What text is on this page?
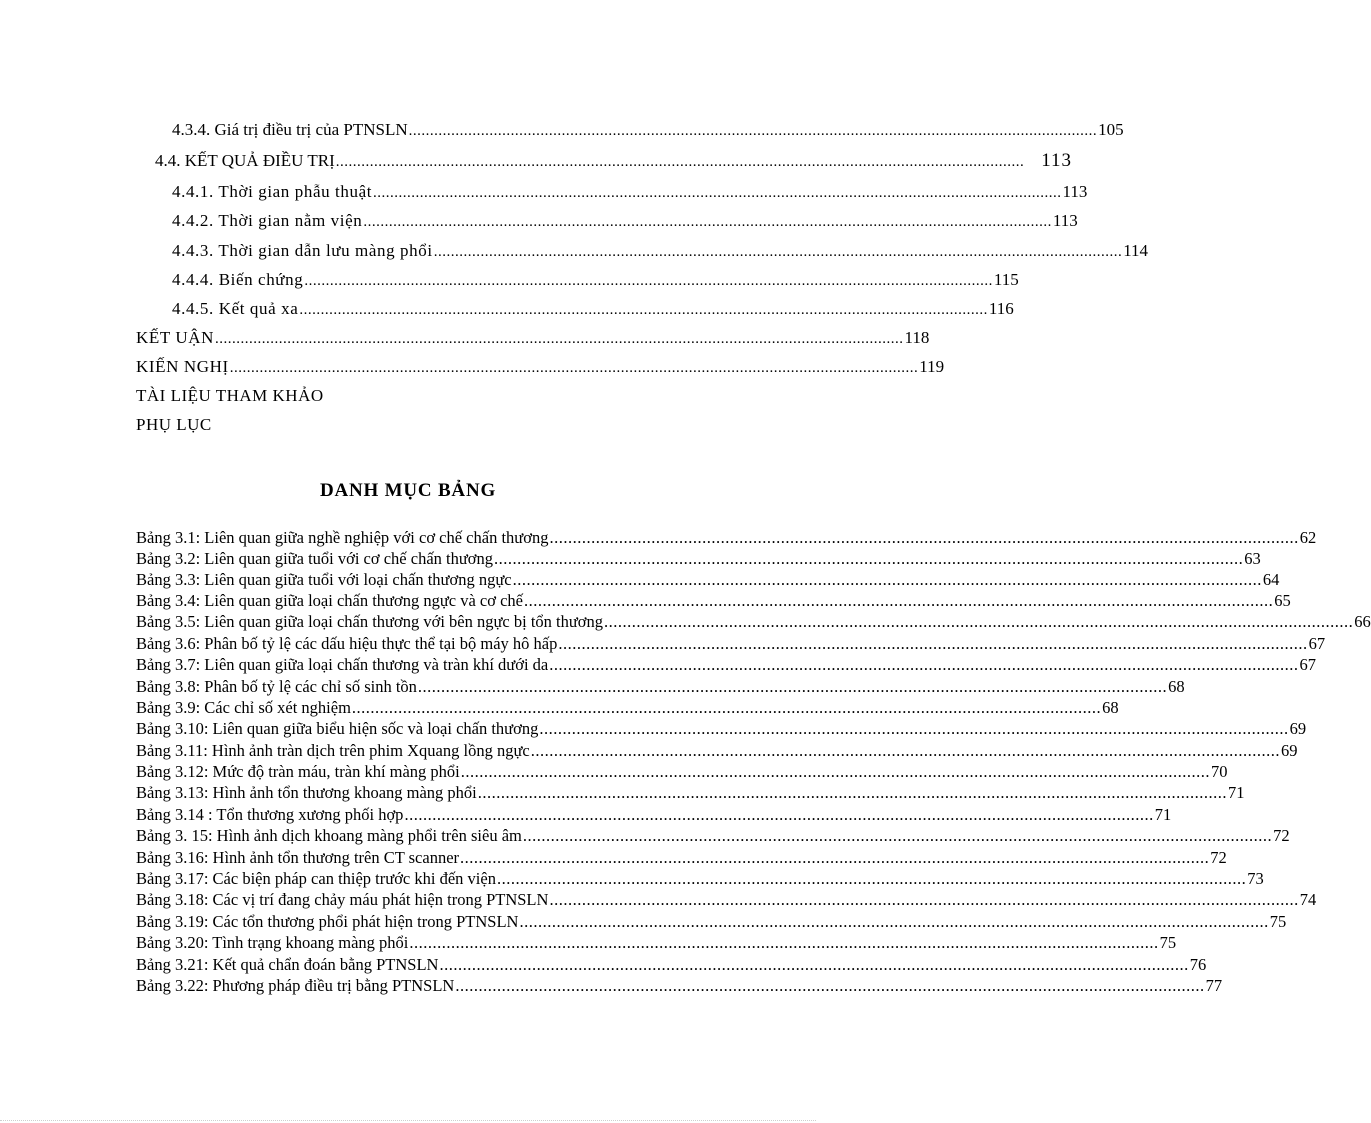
4.3.4. Giá trị điều trị của PTNSLN .................................................................................................................................................................. 105
4.4. KẾT QUẢ ĐIỀU TRỊ .................................................................................................................................................................. 113
4.4.1. Thời gian phẫu thuật .................................................................................................................................................................. 113
4.4.2. Thời gian nằm viện .................................................................................................................................................................. 113
4.4.3. Thời gian dẫn lưu màng phổi .................................................................................................................................................................. 114
4.4.4. Biến chứng .................................................................................................................................................................. 115
4.4.5. Kết quả xa .................................................................................................................................................................. 116
KẾT UẬN .................................................................................................................................................................. 118
KIẾN NGHỊ .................................................................................................................................................................. 119
TÀI LIỆU THAM KHẢO
PHỤ LỤC
DANH MỤC BẢNG
Bảng 3.1: Liên quan giữa nghề nghiệp với cơ chế chấn thương .................................................................................................................................................................. 62
Bảng 3.2: Liên quan giữa tuổi với cơ chế chấn thương .................................................................................................................................................................. 63
Bảng 3.3: Liên quan giữa tuổi với loại chấn thương ngực .................................................................................................................................................................. 64
Bảng 3.4: Liên quan giữa loại chấn thương ngực và cơ chế .................................................................................................................................................................. 65
Bảng 3.5: Liên quan giữa loại chấn thương với bên ngực bị tổn thương .................................................................................................................................................................. 66
Bảng 3.6: Phân bố tỷ lệ các dấu hiệu thực thể tại bộ máy hô hấp .................................................................................................................................................................. 67
Bảng 3.7: Liên quan giữa loại chấn thương và tràn khí dưới da .................................................................................................................................................................. 67
Bảng 3.8: Phân bố tỷ lệ các chỉ số sinh tồn .................................................................................................................................................................. 68
Bảng 3.9: Các chỉ số xét nghiệm .................................................................................................................................................................. 68
Bảng 3.10: Liên quan giữa biểu hiện sốc và loại chấn thương .................................................................................................................................................................. 69
Bảng 3.11: Hình ảnh tràn dịch trên phim Xquang lồng ngực .................................................................................................................................................................. 69
Bảng 3.12: Mức độ tràn máu, tràn khí màng phổi .................................................................................................................................................................. 70
Bảng 3.13: Hình ảnh tổn thương khoang màng phổi .................................................................................................................................................................. 71
Bảng 3.14 : Tổn thương xương phối hợp .................................................................................................................................................................. 71
Bảng 3. 15: Hình ảnh dịch khoang màng phổi trên siêu âm .................................................................................................................................................................. 72
Bảng 3.16: Hình ảnh tổn thương trên CT scanner .................................................................................................................................................................. 72
Bảng 3.17: Các biện pháp can thiệp trước khi đến viện .................................................................................................................................................................. 73
Bảng 3.18: Các vị trí đang chảy máu phát hiện trong PTNSLN .................................................................................................................................................................. 74
Bảng 3.19: Các tổn thương phổi phát hiện trong PTNSLN .................................................................................................................................................................. 75
Bảng 3.20: Tình trạng khoang màng phổi .................................................................................................................................................................. 75
Bảng 3.21: Kết quả chẩn đoán bằng PTNSLN .................................................................................................................................................................. 76
Bảng 3.22: Phương pháp điều trị bằng PTNSLN .................................................................................................................................................................. 77
